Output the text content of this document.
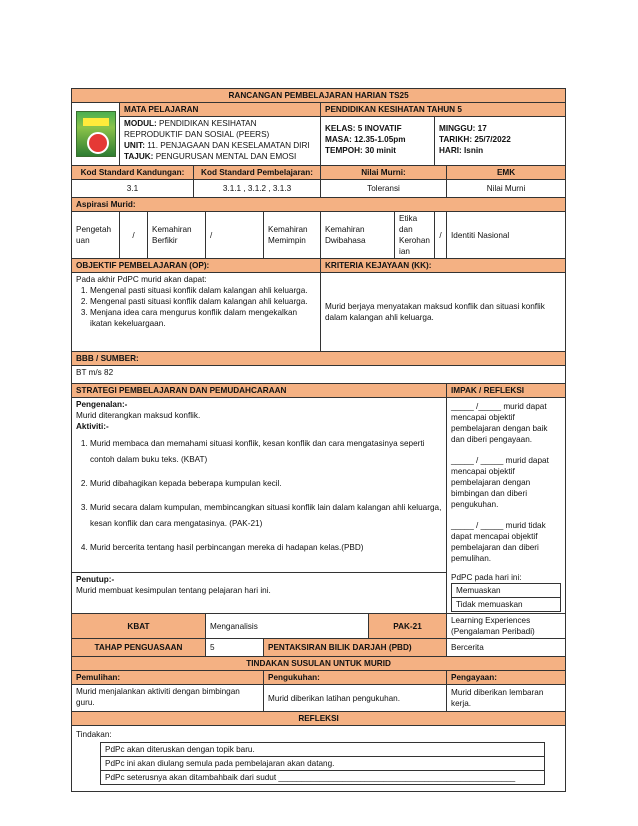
RANCANGAN PEMBELAJARAN HARIAN TS25

	MATA PELAJARAN	PENDIDIKAN KESIHATAN TAHUN 5

MODUL: PENDIDIKAN KESIHATAN REPRODUKTIF DAN SOSIAL (PEERS)
UNIT: 11. PENJAGAAN DAN KESELAMATAN DIRI
TAJUK: PENGURUSAN MENTAL DAN EMOSI

KELAS: 5 INOVATIF
MASA: 12.35-1.05pm
TEMPOH: 30 minit

MINGGU: 17
TARIKH: 25/7/2022
HARI: Isnin

Kod Standard Kandungan:	Kod Standard Pembelajaran:	Nilai Murni:	EMK
3.1	3.1.1 , 3.1.2 , 3.1.3	Toleransi	Nilai Murni
Aspirasi Murid:
Pengetahuan	/	Kemahiran Berfikir	/	Kemahiran Memimpin	Kemahiran Dwibahasa	Etika dan Kerohanian	/	Identiti Nasional
OBJEKTIF PEMBELAJARAN (OP):	KRITERIA KEJAYAAN (KK):

Pada akhir PdPC murid akan dapat:
1. Mengenal pasti situasi konflik dalam kalangan ahli keluarga.
2. Mengenal pasti situasi konflik dalam kalangan ahli keluarga.
3. Menjana idea cara mengurus konflik dalam mengekalkan ikatan kekeluargaan.
	Murid berjaya menyatakan maksud konflik dan situasi konflik dalam kalangan ahli keluarga.
BBB / SUMBER:
BT m/s 82
STRATEGI PEMBELAJARAN DAN PEMUDAHCARAAN	IMPAK / REFLEKSI

Pengenalan:-
Murid diterangkan maksud konflik.
Aktiviti:-
1. Murid membaca dan memahami situasi konflik, kesan konflik dan cara mengatasinya seperti contoh dalam buku teks. (KBAT)
2. Murid dibahagikan kepada beberapa kumpulan kecil.
3. Murid secara dalam kumpulan, membincangkan situasi konflik lain dalam kalangan ahli keluarga, kesan konflik dan cara mengatasinya. (PAK-21)
4. Murid bercerita tentang hasil perbincangan mereka di hadapan kelas.(PBD)

_____ /_____ murid dapat mencapai objektif pembelajaran dengan baik dan diberi pengayaan.
_____ / _____ murid dapat mencapai objektif pembelajaran dengan bimbingan dan diberi pengukuhan.
_____ / _____ murid tidak dapat mencapai objektif pembelajaran dan diberi pemulihan.
PdPC pada hari ini:
Memuaskan
Tidak memuaskan

Penutup:-
Murid membuat kesimpulan tentang pelajaran hari ini.

KBAT	Menganalisis	PAK-21	Learning Experiences (Pengalaman Peribadi)
TAHAP PENGUASAAN	5	PENTAKSIRAN BILIK DARJAH (PBD)	Bercerita
TINDAKAN SUSULAN UNTUK MURID
Pemulihan:	Pengukuhan:	Pengayaan:
Murid menjalankan aktiviti dengan bimbingan guru.	Murid diberikan latihan pengukuhan.	Murid diberikan lembaran kerja.
REFLEKSI

Tindakan:
PdPc akan diteruskan dengan topik baru.
PdPc ini akan diulang semula pada pembelajaran akan datang.
PdPc seterusnya akan ditambahbaik dari sudut ____________________________________________________
